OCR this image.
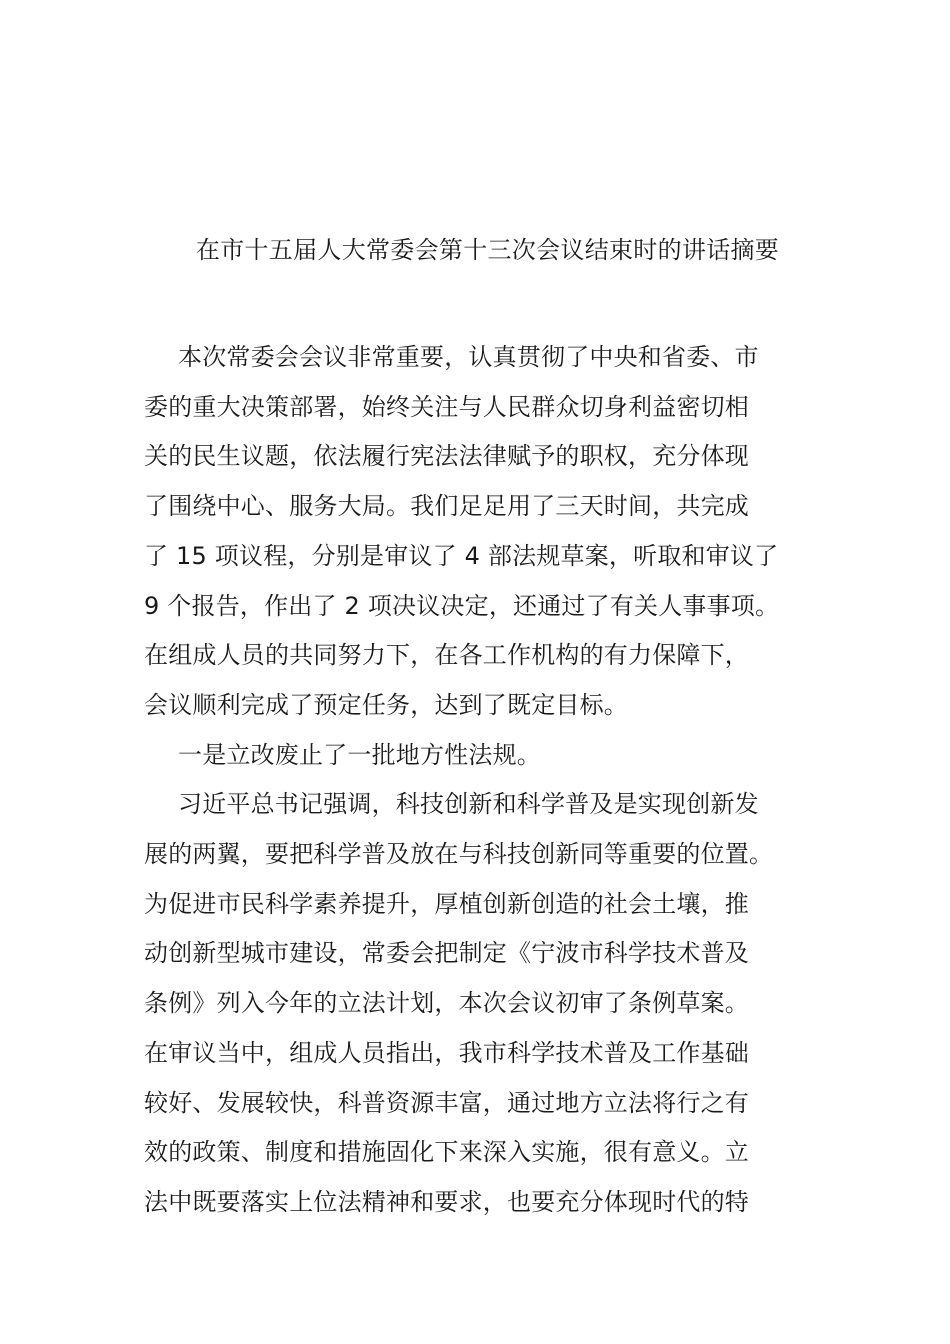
在市十五届人大常委会第十三次会议结束时的讲话摘要

本次常委会会议非常重要，认真贯彻了中央和省委、市
委的重大决策部署，始终关注与人民群众切身利益密切相
关的民生议题，依法履行宪法法律赋予的职权，充分体现
了围绕中心、服务大局。我们足足用了三天时间，共完成
了 15 项议程，分别是审议了 4 部法规草案，听取和审议了
9 个报告，作出了 2 项决议决定，还通过了有关人事事项。
在组成人员的共同努力下，在各工作机构的有力保障下，
会议顺利完成了预定任务，达到了既定目标。

一是立改废止了一批地方性法规。

习近平总书记强调，科技创新和科学普及是实现创新发
展的两翼，要把科学普及放在与科技创新同等重要的位置。
为促进市民科学素养提升，厚植创新创造的社会土壤，推
动创新型城市建设，常委会把制定《宁波市科学技术普及
条例》列入今年的立法计划，本次会议初审了条例草案。
在审议当中，组成人员指出，我市科学技术普及工作基础
较好、发展较快，科普资源丰富，通过地方立法将行之有
效的政策、制度和措施固化下来深入实施，很有意义。立
法中既要落实上位法精神和要求，也要充分体现时代的特
